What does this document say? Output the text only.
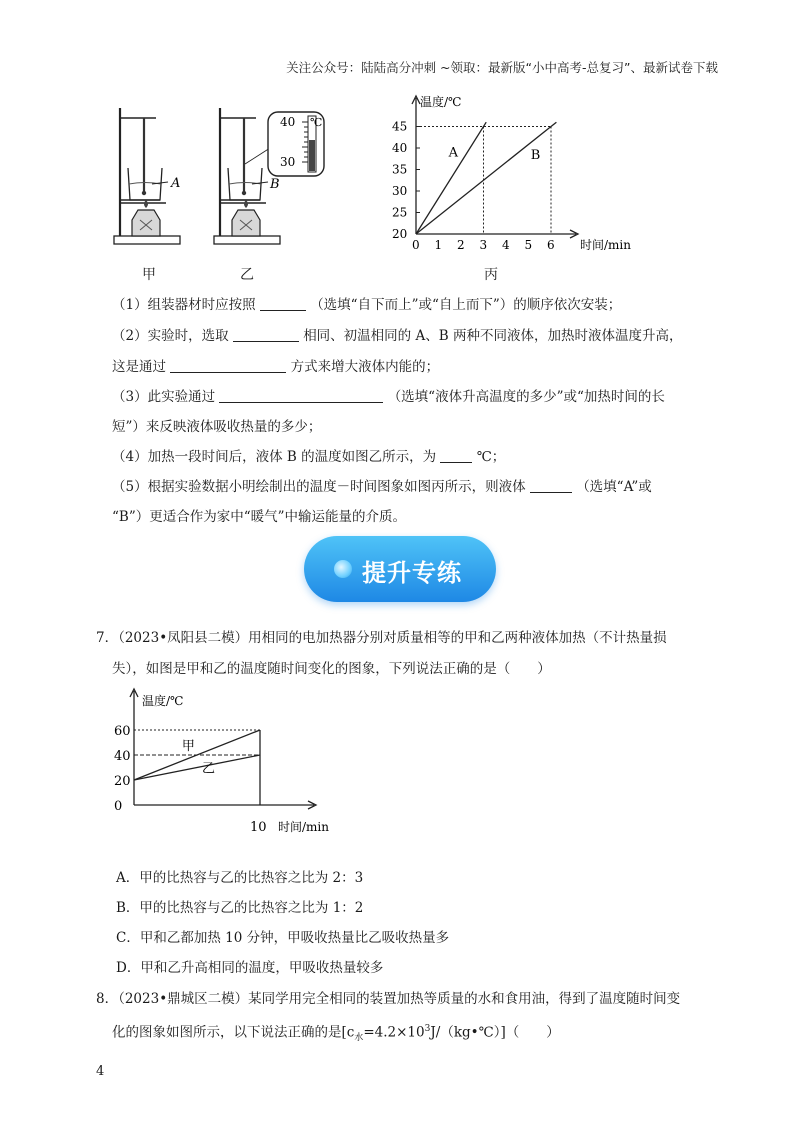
关注公众号：陆陆高分冲刺 ~领取：最新版“小中高考-总复习”、最新试卷下载
A	B
40
30
℃
0 1 2 3 4 5 6
20
25
30
35
40
45
温度/℃
时间/min
A	B
甲	乙	丙
（1）组装器材时应按照	（选填“自下而上”或“自上而下”）的顺序依次安装；
（2）实验时，选取	相同、初温相同的 A、B 两种不同液体，加热时液体温度升高，
这是通过	方式来增大液体内能的；
（3）此实验通过	（选填“液体升高温度的多少”或“加热时间的长
短”）来反映液体吸收热量的多少；
（4）加热一段时间后，液体 B 的温度如图乙所示，为	℃；
（5）根据实验数据小明绘制出的温度－时间图象如图丙所示，则液体	（选填“A”或
“B”）更适合作为家中“暖气”中输运能量的介质。
提升专练
7．（2023•凤阳县二模）用相同的电加热器分别对质量相等的甲和乙两种液体加热（不计热量损
失），如图是甲和乙的温度随时间变化的图象，下列说法正确的是（　　）
温度/℃
时间/min
0
20
40
60
10
甲
乙
A．甲的比热容与乙的比热容之比为 2：3
B．甲的比热容与乙的比热容之比为 1：2
C．甲和乙都加热 10 分钟，甲吸收热量比乙吸收热量多
D．甲和乙升高相同的温度，甲吸收热量较多
8．（2023•鼎城区二模）某同学用完全相同的装置加热等质量的水和食用油，得到了温度随时间变
化的图象如图所示，以下说法正确的是$[c_水=4.2\times 10^3J/(kg•℃)]$（　　）
4
